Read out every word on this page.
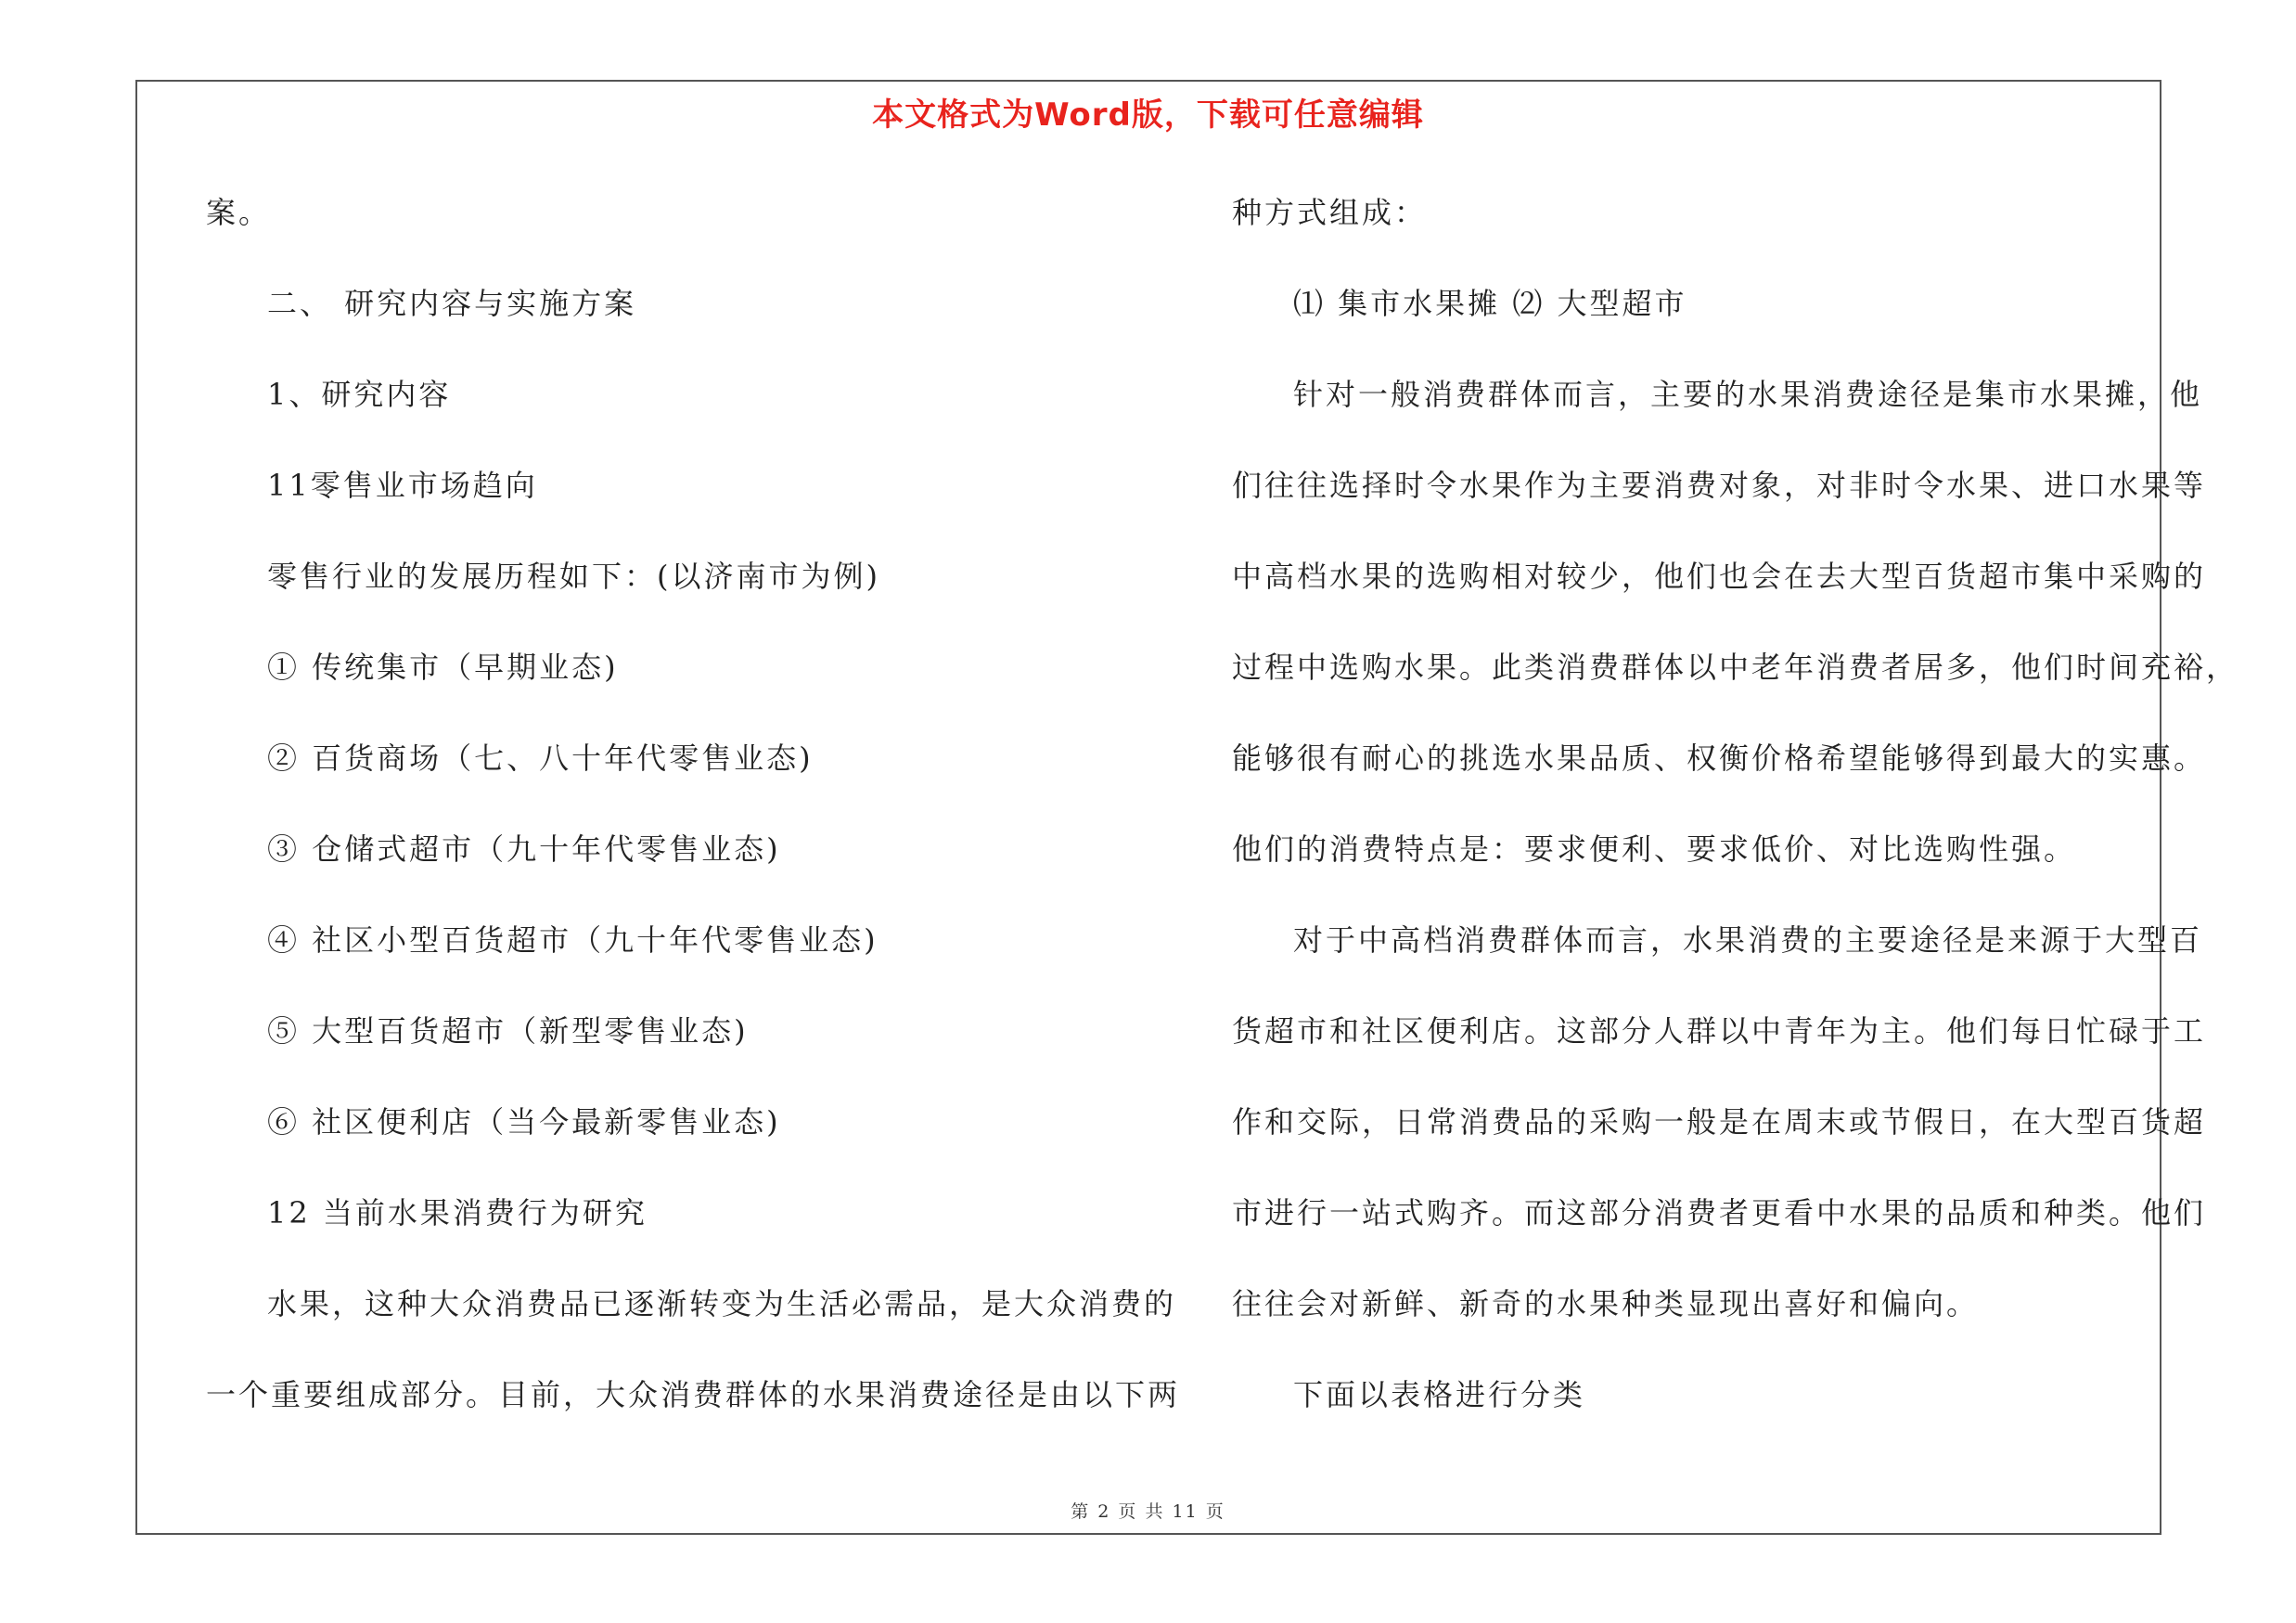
本文格式为Word版，下载可任意编辑
案。
二、 研究内容与实施方案
1、研究内容
11零售业市场趋向
零售行业的发展历程如下：(以济南市为例)
① 传统集市（早期业态)
② 百货商场（七、八十年代零售业态)
③ 仓储式超市（九十年代零售业态)
④ 社区小型百货超市（九十年代零售业态)
⑤ 大型百货超市（新型零售业态)
⑥ 社区便利店（当今最新零售业态)
12 当前水果消费行为研究
水果，这种大众消费品已逐渐转变为生活必需品，是大众消费的
一个重要组成部分。目前，大众消费群体的水果消费途径是由以下两
种方式组成：
⑴ 集市水果摊 ⑵ 大型超市
针对一般消费群体而言，主要的水果消费途径是集市水果摊，他
们往往选择时令水果作为主要消费对象，对非时令水果、进口水果等
中高档水果的选购相对较少，他们也会在去大型百货超市集中采购的
过程中选购水果。此类消费群体以中老年消费者居多，他们时间充裕，
能够很有耐心的挑选水果品质、权衡价格希望能够得到最大的实惠。
他们的消费特点是：要求便利、要求低价、对比选购性强。
对于中高档消费群体而言，水果消费的主要途径是来源于大型百
货超市和社区便利店。这部分人群以中青年为主。他们每日忙碌于工
作和交际，日常消费品的采购一般是在周末或节假日，在大型百货超
市进行一站式购齐。而这部分消费者更看中水果的品质和种类。他们
往往会对新鲜、新奇的水果种类显现出喜好和偏向。
下面以表格进行分类
第 2 页 共 11 页
